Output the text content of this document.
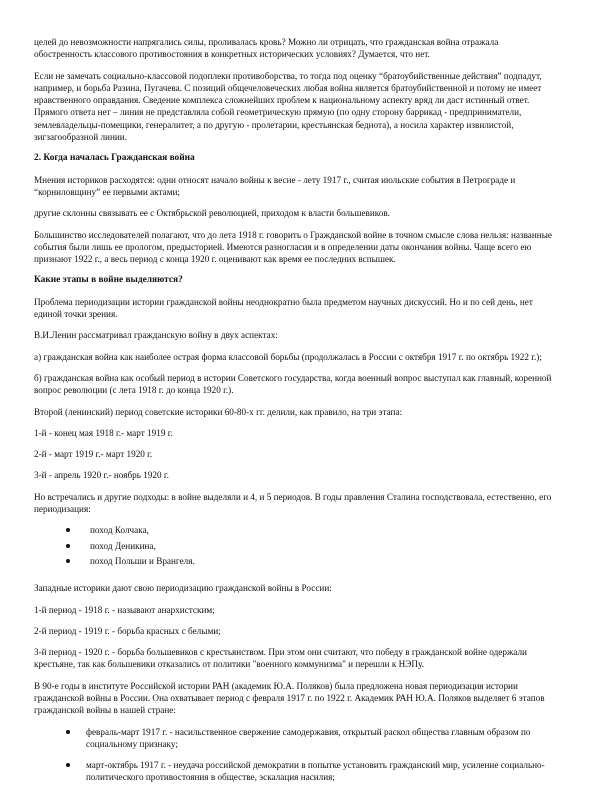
целей до невозможности напрягались силы, проливалась кровь? Можно ли отрицать, что гражданская война отражала обостренность классового противостояния в конкретных исторических условиях? Думается, что нет.

Если не замечать социально-классовой подоплеки противоборства, то тогда под оценку “братоубийственные действия” подпадут, например, и борьба Разина, Пугачева. С позиций общечеловеческих любая война является братоубийственной и потому не имеет нравственного оправдания. Сведение комплекса сложнейших проблем к национальному аспекту вряд ли даст истинный ответ. Прямого ответа нет – линия не представляла собой геометрическую прямую (по одну сторону баррикад - предприниматели, землевладельцы-помещики, генералитет, а по другую - пролетарии, крестьянская беднота), а носила характер извилистой, зигзагообразной линии.

2. Когда началась Гражданская война

Мнения историков расходятся: одни относят начало войны к весне - лету 1917 г., считая июльские события в Петрограде и “корниловщину” ее первыми актами;

другие склонны связывать ее с Октябрьской революцией, приходом к власти большевиков.

Большинство исследователей полагают, что до лета 1918 г. говорить о Гражданской войне в точном смысле слова нельзя: названные события были лишь ее прологом, предысторией. Имеются разногласия и в определении даты окончания войны. Чаще всего ею признают 1922 г., а весь период с конца 1920 г. оценивают как время ее последних вспышек.

Какие этапы в войне выделяются?

Проблема периодизации истории гражданской войны неоднократно была предметом научных дискуссий. Но и по сей день, нет единой точки зрения.

В.И.Ленин рассматривал гражданскую войну в двух аспектах:

а) гражданская война как наиболее острая форма классовой борьбы (продолжалась в России с октября 1917 г. по октябрь 1922 г.);

б) гражданская война как особый период в истории Советского государства, когда военный вопрос выступал как главный, коренной вопрос революции (с лета 1918 г. до конца 1920 г.).

Второй (ленинский) период советские историки 60-80-х гг. делили, как правило, на три этапа:

1-й - конец мая 1918 г.- март 1919 г.

2-й - март 1919 г.- март 1920 г.

3-й - апрель 1920 г.- ноябрь 1920 г.

Но встречались и другие подходы: в войне выделяли и 4, и 5 периодов. В годы правления Сталина господствовала, естественно, его периодизация:

поход Колчака,
поход Деникина,
поход Польши и Врангеля.

Западные историки дают свою периодизацию гражданской войны в России:

1-й период - 1918 г. - называют анархистским;

2-й период - 1919 г. - борьба красных с белыми;

3-й период - 1920 г. - борьба большевиков с крестьянством. При этом они считают, что победу в гражданской войне одержали крестьяне, так как большевики отказались от политики "военного коммунизма" и перешли к НЭПу.

В 90-е годы в институте Российской истории РАН (академик Ю.А. Поляков) была предложена новая периодизация истории гражданской войны в России. Она охватывает период с февраля 1917 г. по 1922 г. Академик РАН Ю.А. Поляков выделяет 6 этапов гражданской войны в нашей стране:

февраль-март 1917 г. - насильственное свержение самодержавия, открытый раскол общества главным образом по социальному признаку;
март-октябрь 1917 г. - неудача российской демократии в попытке установить гражданский мир, усиление социально-политического противостояния в обществе, эскалация насилия;
